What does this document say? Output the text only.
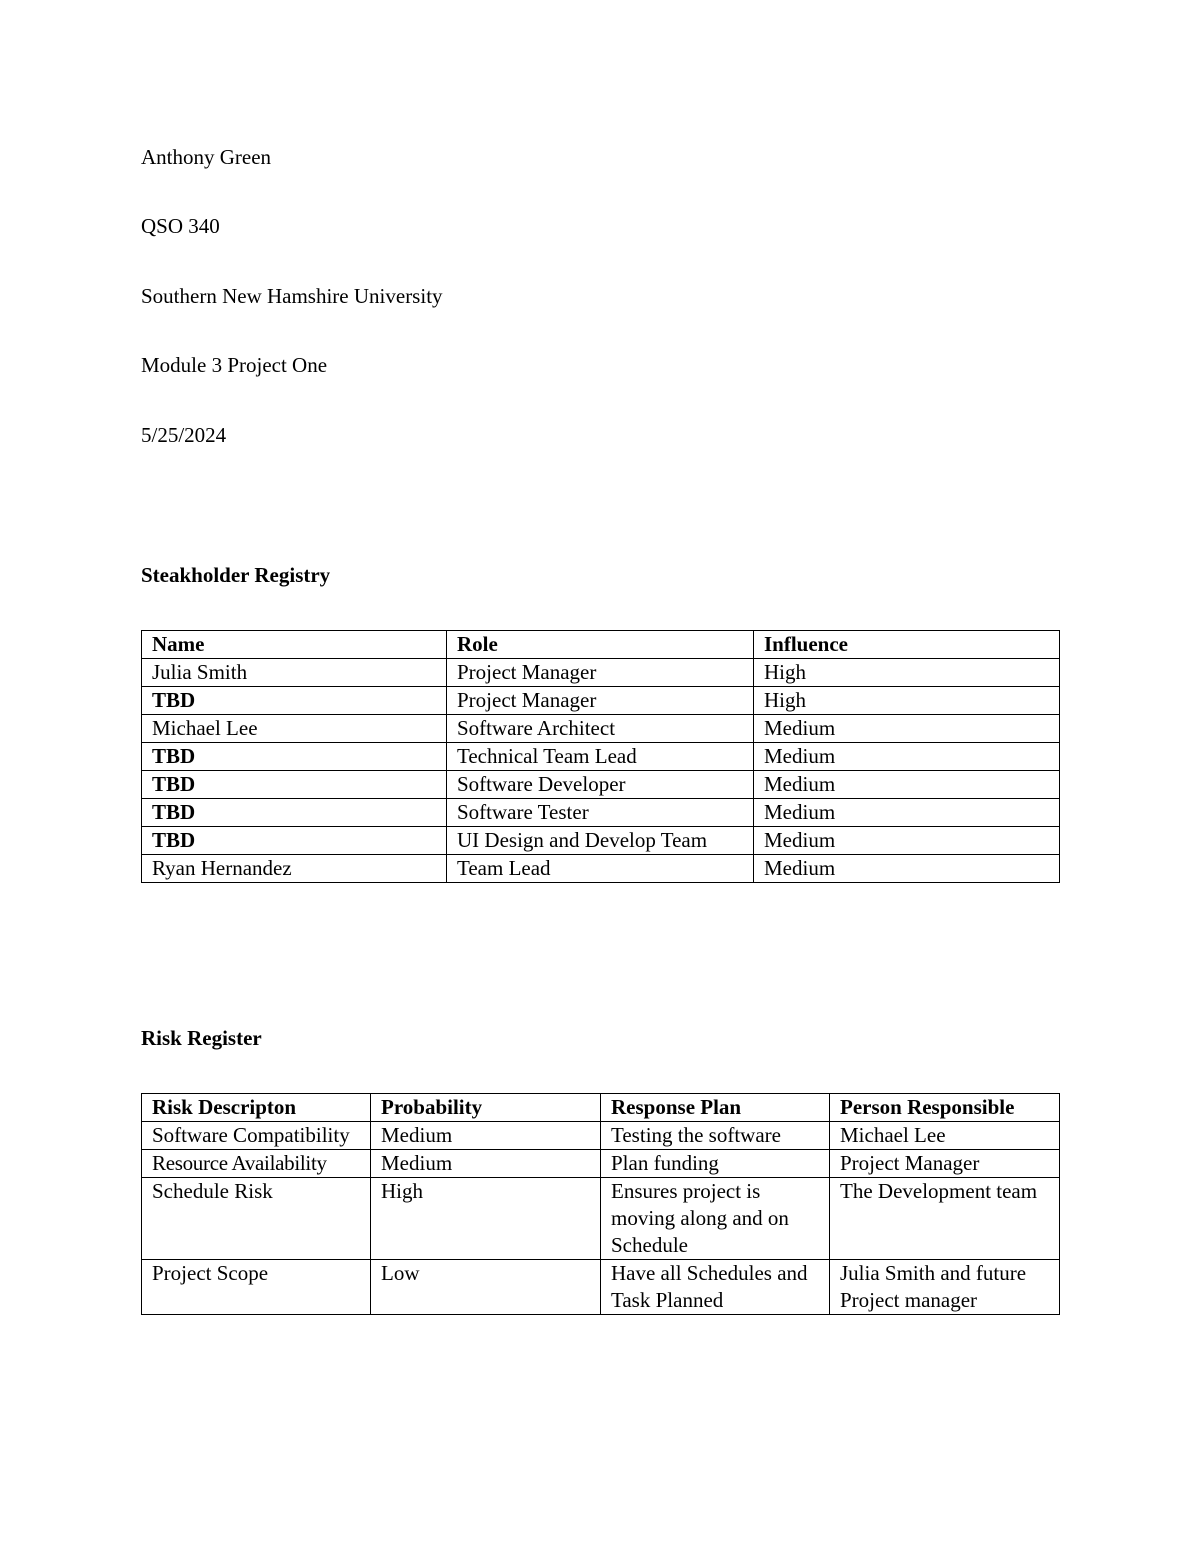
Anthony Green
QSO 340
Southern New Hamshire University
Module 3 Project One
5/25/2024
Steakholder Registry
Name	Role	Influence
Julia Smith	Project Manager	High
TBD	Project Manager	High
Michael Lee	Software Architect	Medium
TBD	Technical Team Lead	Medium
TBD	Software Developer	Medium
TBD	Software Tester	Medium
TBD	UI Design and Develop Team	Medium
Ryan Hernandez	Team Lead	Medium
Risk Register
Risk Descripton	Probability	Response Plan	Person Responsible
Software Compatibility	Medium	Testing the software	Michael Lee
Resource Availability	Medium	Plan funding	Project Manager
Schedule Risk	High	Ensures project is moving along and on Schedule	The Development team
Project Scope	Low	Have all Schedules and Task Planned	Julia Smith and future Project manager
